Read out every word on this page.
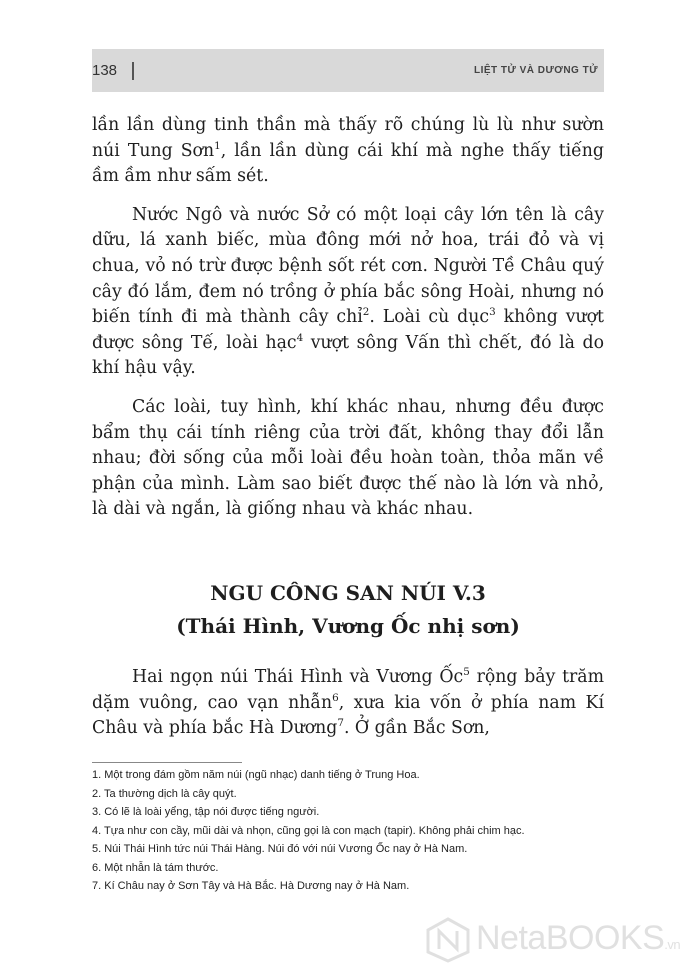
138	LIỆT TỬ VÀ DƯƠNG TỬ

lần lần dùng tinh thần mà thấy rõ chúng lù lù như sườn núi Tung Sơn$^1$, lần lần dùng cái khí mà nghe thấy tiếng ầm ầm như sấm sét.

Nước Ngô và nước Sở có một loại cây lớn tên là cây dữu, lá xanh biếc, mùa đông mới nở hoa, trái đỏ và vị chua, vỏ nó trừ được bệnh sốt rét cơn. Người Tề Châu quý cây đó lắm, đem nó trồng ở phía bắc sông Hoài, nhưng nó biến tính đi mà thành cây chỉ$^2$. Loài cù dục$^3$ không vượt được sông Tế, loài hạc$^4$ vượt sông Vấn thì chết, đó là do khí hậu vậy.

Các loài, tuy hình, khí khác nhau, nhưng đều được bẩm thụ cái tính riêng của trời đất, không thay đổi lẫn nhau; đời sống của mỗi loài đều hoàn toàn, thỏa mãn về phận của mình. Làm sao biết được thế nào là lớn và nhỏ, là dài và ngắn, là giống nhau và khác nhau.

NGU CÔNG SAN NÚI V.3
(Thái Hình, Vương Ốc nhị sơn)

Hai ngọn núi Thái Hình và Vương Ốc$^5$ rộng bảy trăm dặm vuông, cao vạn nhẫn$^6$, xưa kia vốn ở phía nam Kí Châu và phía bắc Hà Dương$^7$. Ở gần Bắc Sơn,

1. Một trong đám gồm năm núi (ngũ nhạc) danh tiếng ở Trung Hoa.
2. Ta thường dịch là cây quýt.
3. Có lẽ là loài yểng, tập nói được tiếng người.
4. Tựa như con cầy, mũi dài và nhọn, cũng gọi là con mạch (tapir). Không phải chim hạc.
5. Núi Thái Hình tức núi Thái Hàng. Núi đó với núi Vương Ốc nay ở Hà Nam.
6. Một nhẫn là tám thước.
7. Kí Châu nay ở Sơn Tây và Hà Bắc. Hà Dương nay ở Hà Nam.
NetaBOOKS.vn
